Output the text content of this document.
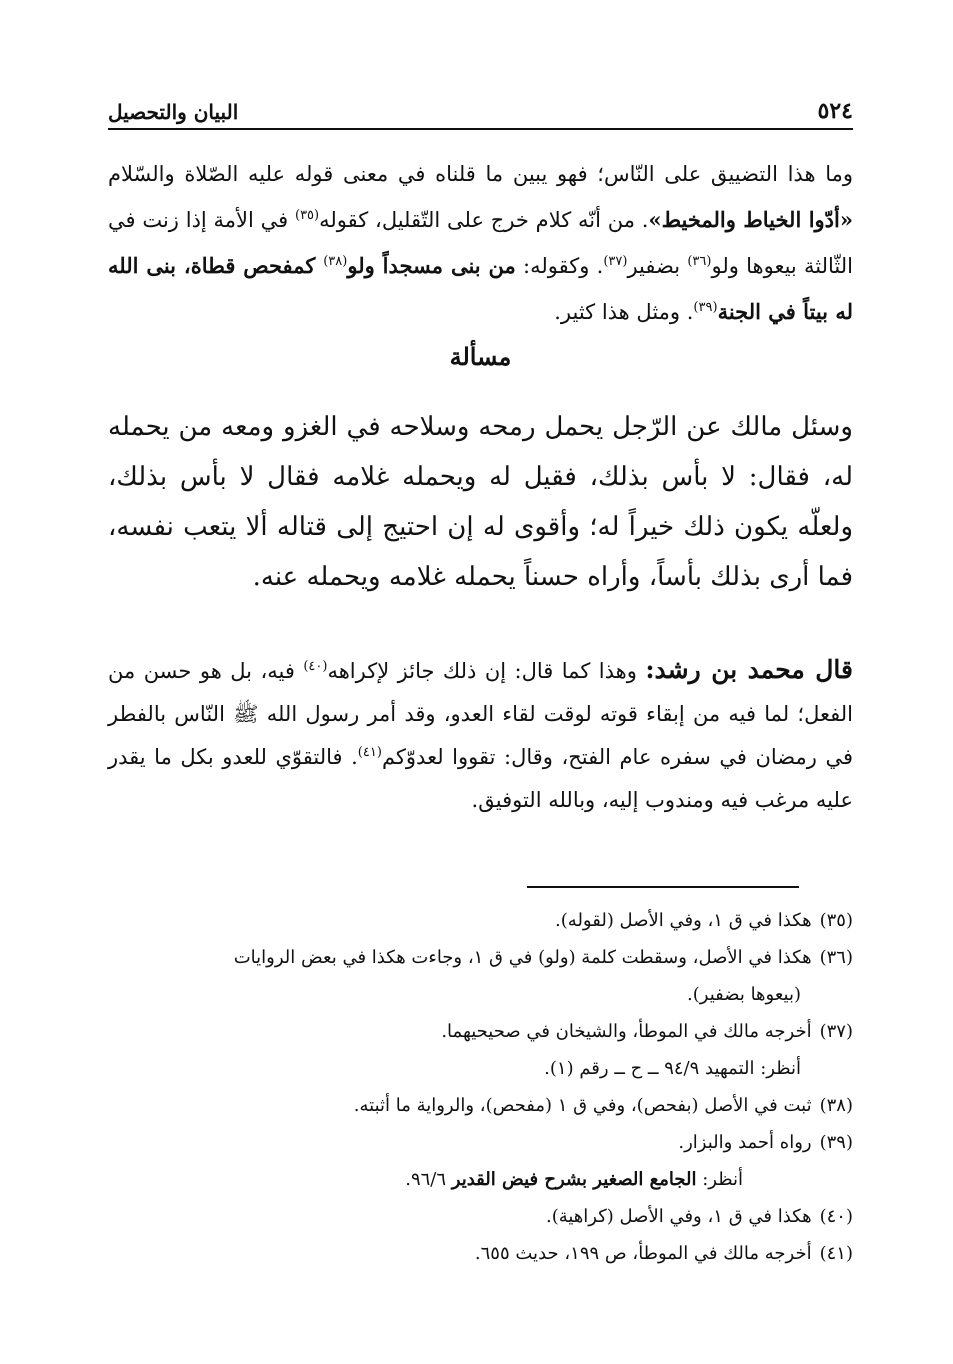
٥٢٤
البيان والتحصيل

وما هذا التضييق على النّاس؛ فهو يبين ما قلناه في معنى قوله عليه الصّلاة والسّلام «أدّوا الخياط والمخيط». من أنّه كلام خرج على التّقليل، كقوله$^{(٣٥)}$ في الأمة إذا زنت في الثّالثة بيعوها ولو$^{(٣٦)}$ بضفير$^{(٣٧)}$. وكقوله: من بنى مسجداً ولو$^{(٣٨)}$ كمفحص قطاة، بنى الله له بيتاً في الجنة$^{(٣٩)}$. ومثل هذا كثير.

مسألة

وسئل مالك عن الرّجل يحمل رمحه وسلاحه في الغزو ومعه من يحمله له، فقال: لا بأس بذلك، فقيل له ويحمله غلامه فقال لا بأس بذلك، ولعلّه يكون ذلك خيراً له؛ وأقوى له إن احتيج إلى قتاله ألا يتعب نفسه، فما أرى بذلك بأساً، وأراه حسناً يحمله غلامه ويحمله عنه.

قال محمد بن رشد: وهذا كما قال: إن ذلك جائز لإكراهه$^{(٤٠)}$ فيه، بل هو حسن من الفعل؛ لما فيه من إبقاء قوته لوقت لقاء العدو، وقد أمر رسول الله ﷺ النّاس بالفطر في رمضان في سفره عام الفتح، وقال: تقووا لعدوّكم$^{(٤١)}$. فالتقوّي للعدو بكل ما يقدر عليه مرغب فيه ومندوب إليه، وبالله التوفيق.

(٣٥)
هكذا في ق ١، وفي الأصل (لقوله).
(٣٦)
هكذا في الأصل، وسقطت كلمة (ولو) في ق ١، وجاءت هكذا في بعض الروايات
(بيعوها بضفير).
(٣٧)
أخرجه مالك في الموطأ، والشيخان في صحيحيهما.
أنظر: التمهيد ٩٤/٩ ــ ح ــ رقم (١).
(٣٨)
ثبت في الأصل (بفحص)، وفي ق ١ (مفحص)، والرواية ما أثبته.
(٣٩)
رواه أحمد والبزار.
أنظر: الجامع الصغير بشرح فيض القدير ٩٦/٦.
(٤٠)
هكذا في ق ١، وفي الأصل (كراهية).
(٤١)
أخرجه مالك في الموطأ، ص ١٩٩، حديث ٦٥٥.
